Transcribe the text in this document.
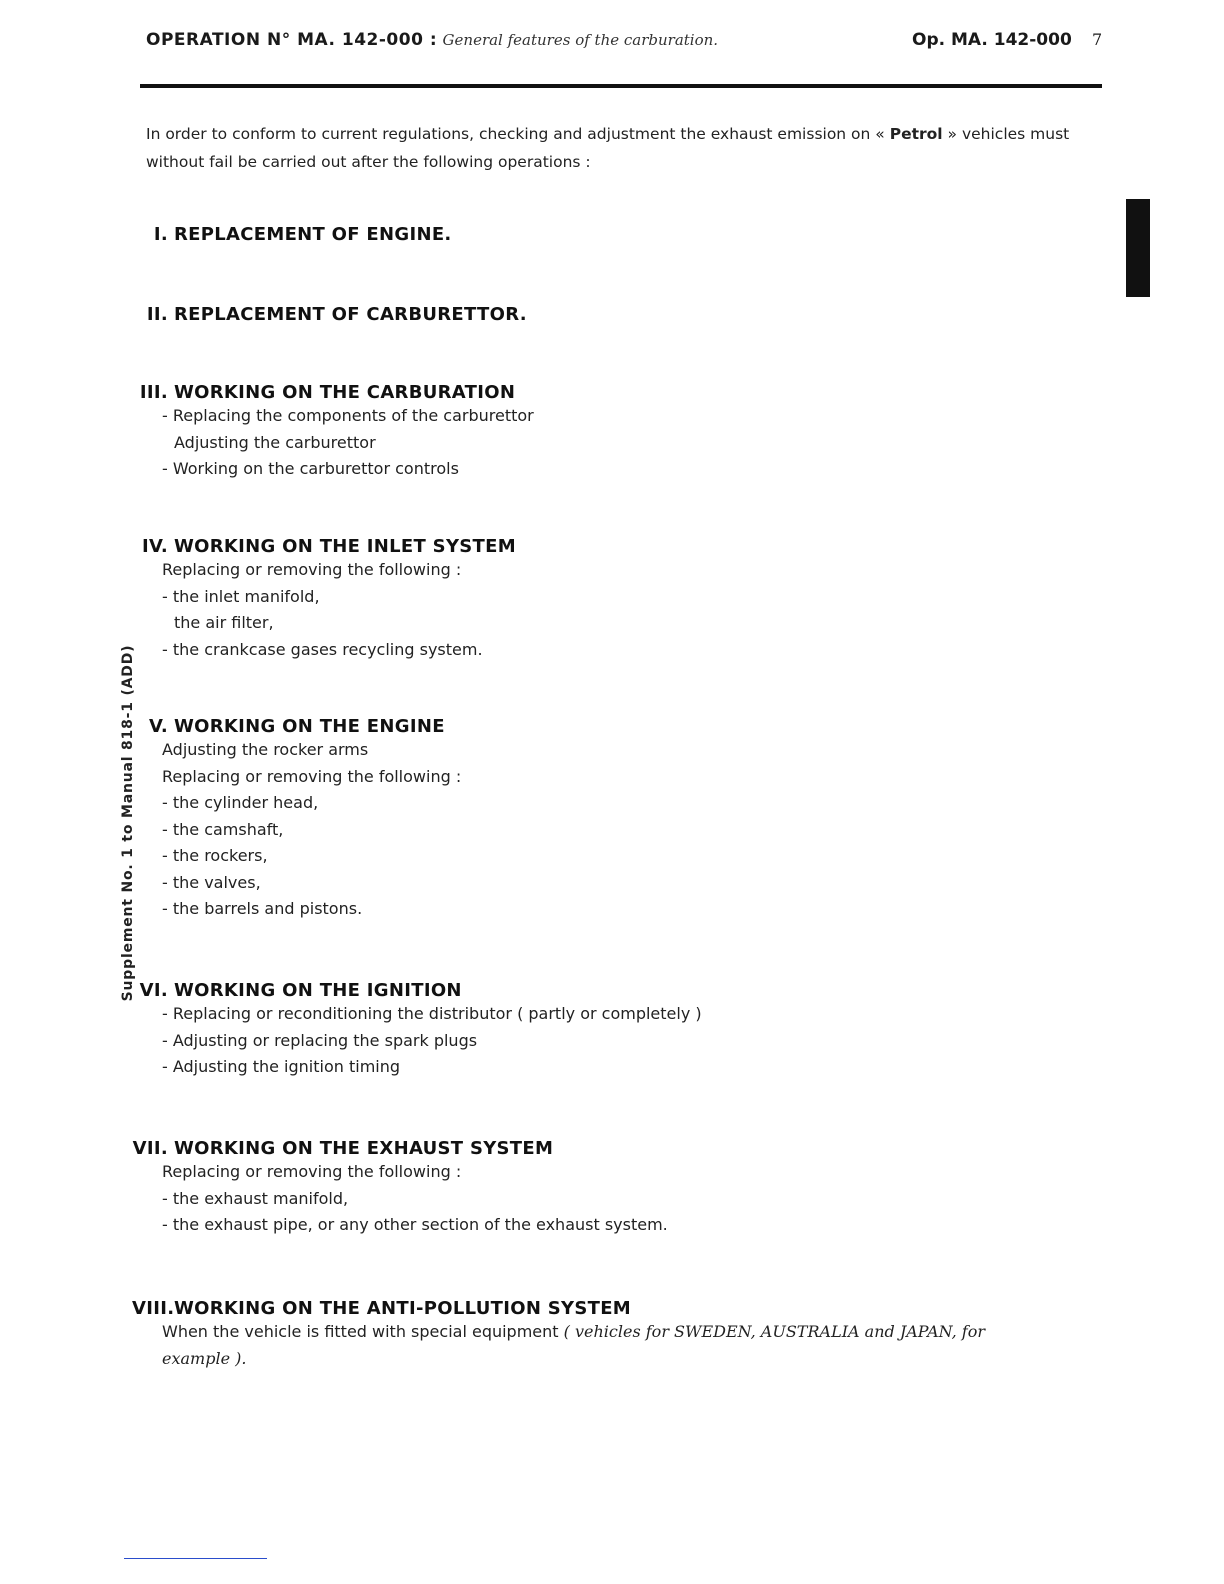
OPERATION N° MA. 142-000 : General features of the carburation.	Op. MA. 142-000 7
In order to conform to current regulations, checking and adjustment the exhaust emission on « Petrol » vehicles must without fail be carried out after the following operations :
Supplement No. 1 to Manual 818-1 (ADD)
I. REPLACEMENT OF ENGINE.
II. REPLACEMENT OF CARBURETTOR.
III. WORKING ON THE CARBURATION
- Replacing the components of the carburettor
Adjusting the carburettor
- Working on the carburettor controls
IV. WORKING ON THE INLET SYSTEM
Replacing or removing the following :
- the inlet manifold,
the air filter,
- the crankcase gases recycling system.
V. WORKING ON THE ENGINE
Adjusting the rocker arms
Replacing or removing the following :
- the cylinder head,
- the camshaft,
- the rockers,
- the valves,
- the barrels and pistons.
VI. WORKING ON THE IGNITION
- Replacing or reconditioning the distributor ( partly or completely )
- Adjusting or replacing the spark plugs
- Adjusting the ignition timing
VII. WORKING ON THE EXHAUST SYSTEM
Replacing or removing the following :
- the exhaust manifold,
- the exhaust pipe, or any other section of the exhaust system.
VIII.WORKING ON THE ANTI-POLLUTION SYSTEM
When the vehicle is fitted with special equipment ( vehicles for SWEDEN, AUSTRALIA and JAPAN, for
example ).
